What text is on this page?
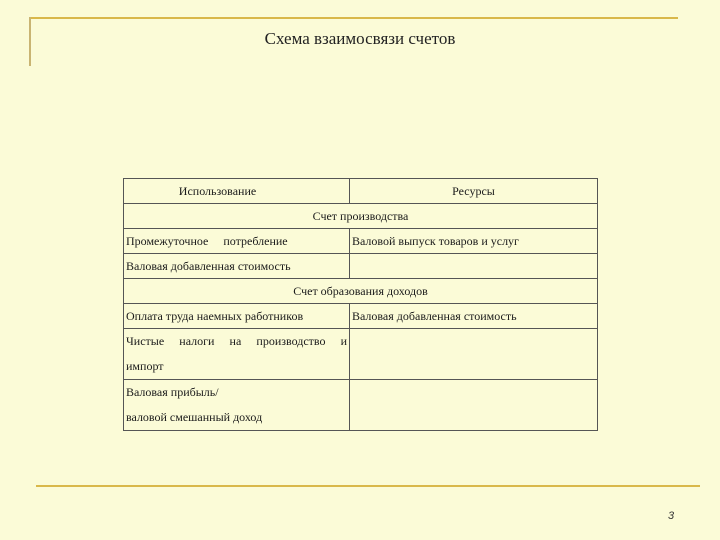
Схема взаимосвязи счетов
Использование	Ресурсы
Счет производства	
Промежуточное потребление	Валовой выпуск товаров и услуг
Валовая добавленная стоимость	
Счет образования доходов	
Оплата труда наемных работников	Валовая добавленная стоимость

Чистые налоги на производство и
импорт	

Валовая прибыль/
валовой смешанный доход	

3
